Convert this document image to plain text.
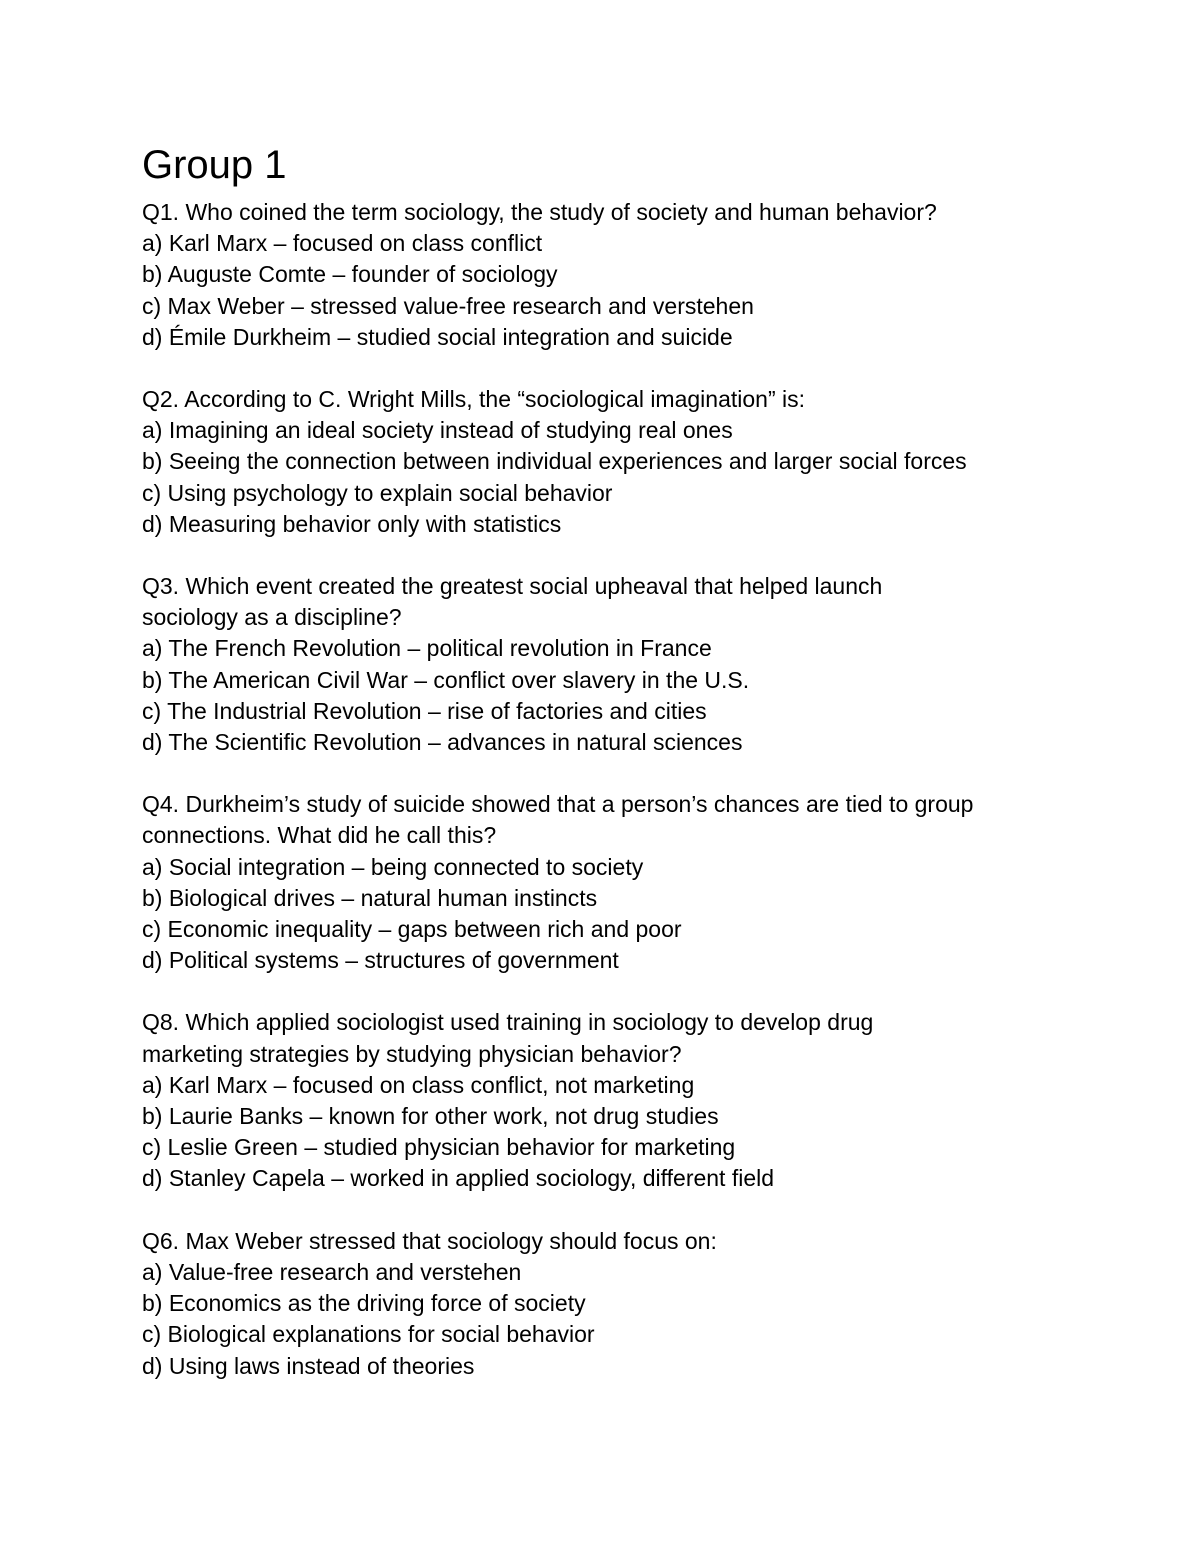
Group 1

Q1. Who coined the term sociology, the study of society and human behavior?

a) Karl Marx – focused on class conflict

b) Auguste Comte – founder of sociology

c) Max Weber – stressed value-free research and verstehen

d) Émile Durkheim – studied social integration and suicide

Q2. According to C. Wright Mills, the “sociological imagination” is:

a) Imagining an ideal society instead of studying real ones

b) Seeing the connection between individual experiences and larger social forces

c) Using psychology to explain social behavior

d) Measuring behavior only with statistics

Q3. Which event created the greatest social upheaval that helped launch

sociology as a discipline?

a) The French Revolution – political revolution in France

b) The American Civil War – conflict over slavery in the U.S.

c) The Industrial Revolution – rise of factories and cities

d) The Scientific Revolution – advances in natural sciences

Q4. Durkheim’s study of suicide showed that a person’s chances are tied to group

connections. What did he call this?

a) Social integration – being connected to society

b) Biological drives – natural human instincts

c) Economic inequality – gaps between rich and poor

d) Political systems – structures of government

Q8. Which applied sociologist used training in sociology to develop drug

marketing strategies by studying physician behavior?

a) Karl Marx – focused on class conflict, not marketing

b) Laurie Banks – known for other work, not drug studies

c) Leslie Green – studied physician behavior for marketing

d) Stanley Capela – worked in applied sociology, different field

Q6. Max Weber stressed that sociology should focus on:

a) Value-free research and verstehen

b) Economics as the driving force of society

c) Biological explanations for social behavior

d) Using laws instead of theories
